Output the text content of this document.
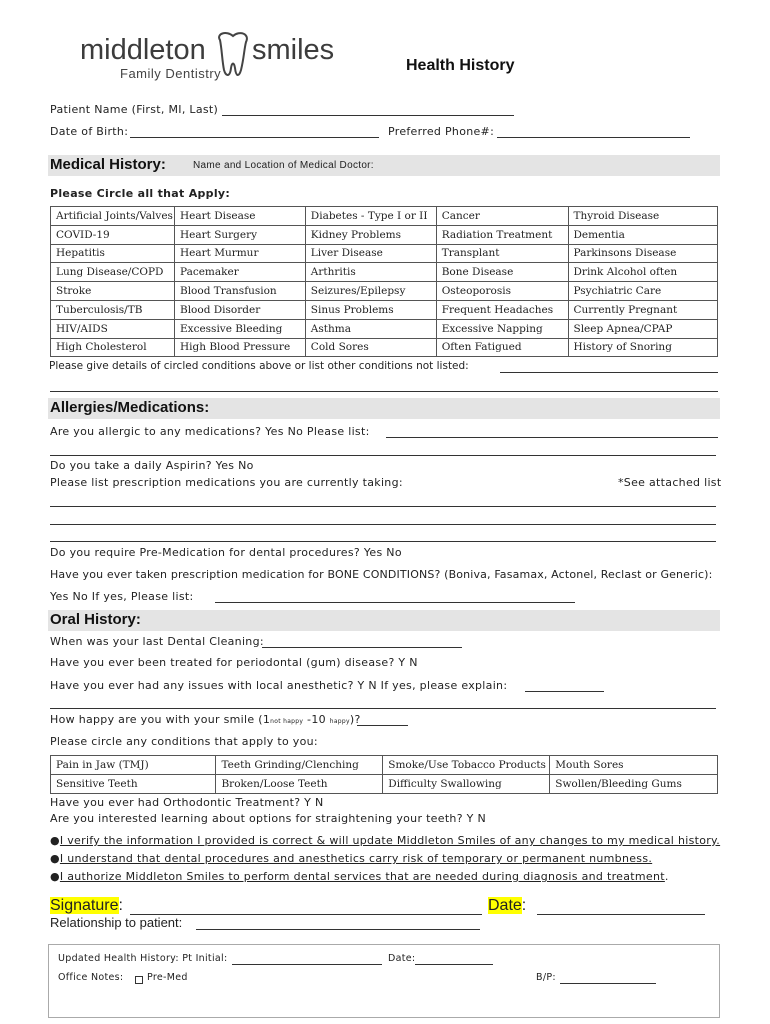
middleton smiles
Family Dentistry	Health History
Patient Name (First, MI, Last)
Date of Birth:	Preferred Phone#:
Medical History:	Name and Location of Medical Doctor:
Please Circle all that Apply:
Artificial Joints/Valves	Heart Disease	Diabetes - Type I or II	Cancer	Thyroid Disease
COVID-19	Heart Surgery	Kidney Problems	Radiation Treatment	Dementia
Hepatitis	Heart Murmur	Liver Disease	Transplant	Parkinsons Disease
Lung Disease/COPD	Pacemaker	Arthritis	Bone Disease	Drink Alcohol often
Stroke	Blood Transfusion	Seizures/Epilepsy	Osteoporosis	Psychiatric Care
Tuberculosis/TB	Blood Disorder	Sinus Problems	Frequent Headaches	Currently Pregnant
HIV/AIDS	Excessive Bleeding	Asthma	Excessive Napping	Sleep Apnea/CPAP
High Cholesterol	High Blood Pressure	Cold Sores	Often Fatigued	History of Snoring
Please give details of circled conditions above or list other conditions not listed:
Allergies/Medications:
Are you allergic to any medications? Yes No Please list:
Do you take a daily Aspirin? Yes No
Please list prescription medications you are currently taking:	*See attached list
Do you require Pre-Medication for dental procedures? Yes No
Have you ever taken prescription medication for BONE CONDITIONS? (Boniva, Fasamax, Actonel, Reclast or Generic):
Yes No If yes, Please list:
Oral History:
When was your last Dental Cleaning:
Have you ever been treated for periodontal (gum) disease? Y N
Have you ever had any issues with local anesthetic? Y N If yes, please explain:
How happy are you with your smile (1not happy -10 happy)?
Please circle any conditions that apply to you:
Pain in Jaw (TMJ)	Teeth Grinding/Clenching	Smoke/Use Tobacco Products	Mouth Sores
Sensitive Teeth	Broken/Loose Teeth	Difficulty Swallowing	Swollen/Bleeding Gums
Have you ever had Orthodontic Treatment? Y N
Are you interested learning about options for straightening your teeth? Y N
●I verify the information I provided is correct & will update Middleton Smiles of any changes to my medical history.
●I understand that dental procedures and anesthetics carry risk of temporary or permanent numbness.
●I authorize Middleton Smiles to perform dental services that are needed during diagnosis and treatment.
Signature:	Date:
Relationship to patient:
Updated Health History: Pt Initial:	Date:
Office Notes: Pre-Med	B/P:
